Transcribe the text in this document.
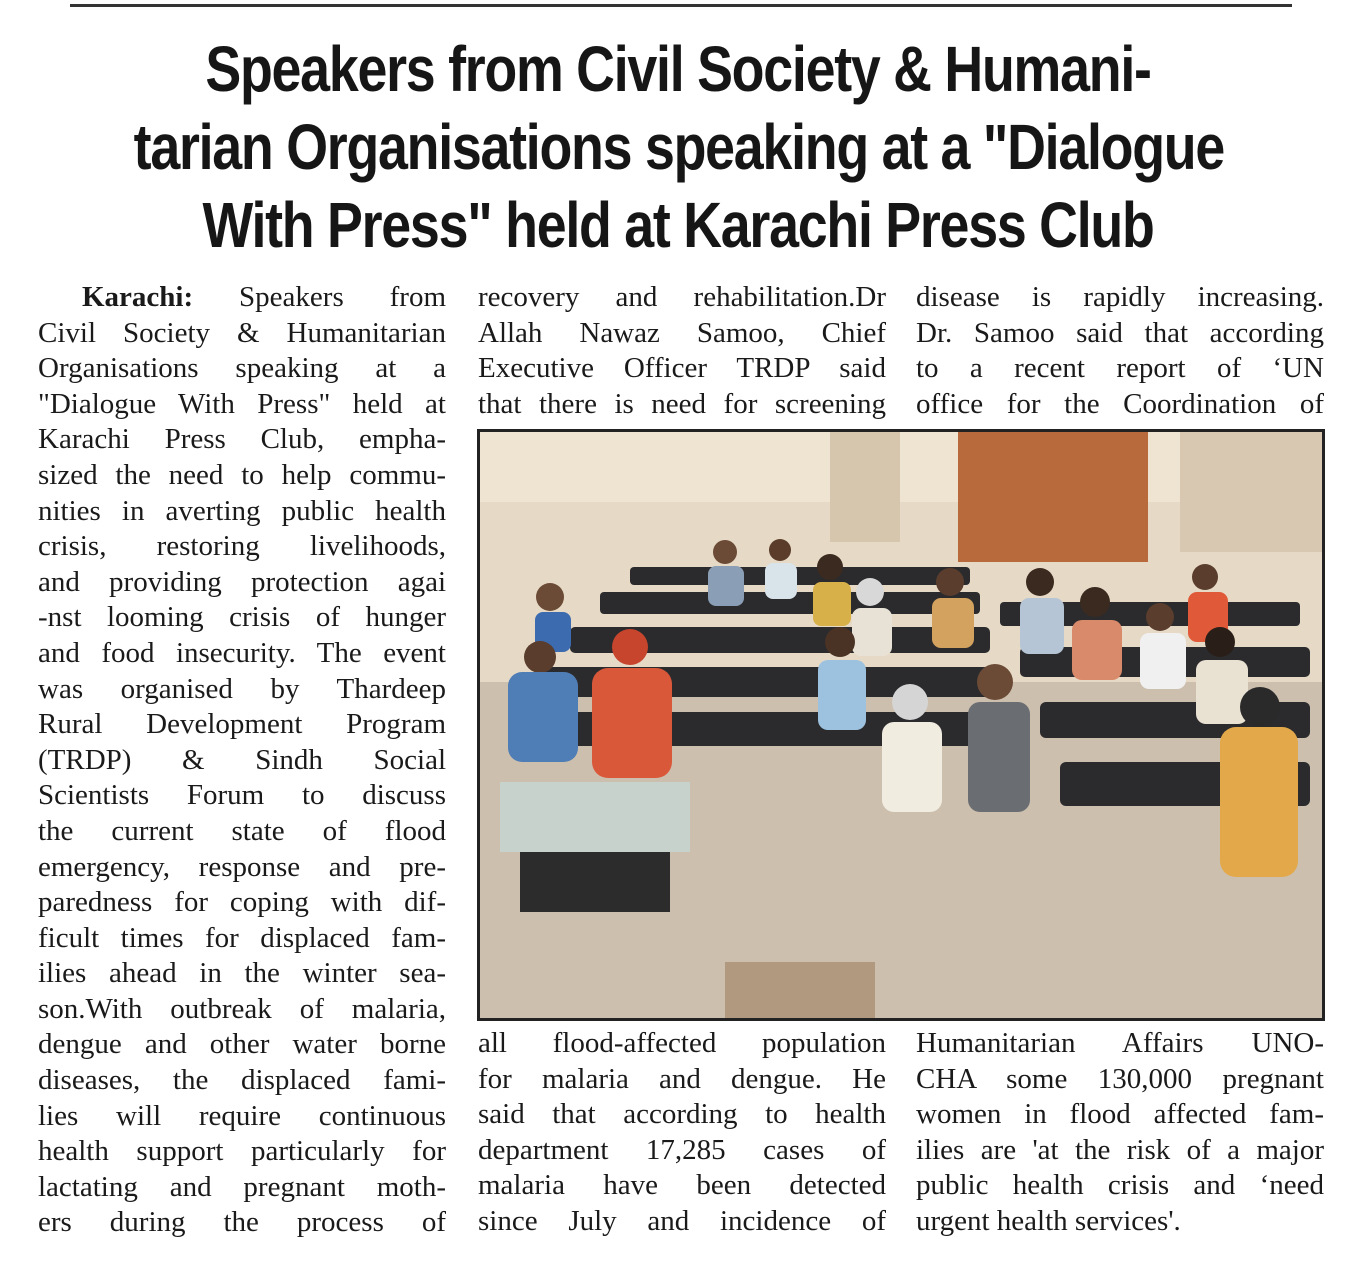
Speakers from Civil Society & Humani-
tarian Organisations speaking at a "Dialogue
With Press" held at Karachi Press Club
Karachi: Speakers from
Civil Society & Humanitarian
Organisations speaking at a
"Dialogue With Press" held at
Karachi Press Club, empha-
sized the need to help commu-
nities in averting public health
crisis, restoring livelihoods,
and providing protection agai
-nst looming crisis of hunger
and food insecurity. The event
was organised by Thardeep
Rural Development Program
(TRDP) & Sindh Social
Scientists Forum to discuss
the current state of flood
emergency, response and pre-
paredness for coping with dif-
ficult times for displaced fam-
ilies ahead in the winter sea-
son.With outbreak of malaria,
dengue and other water borne
diseases, the displaced fami-
lies will require continuous
health support particularly for
lactating and pregnant moth-
ers during the process of
recovery and rehabilitation.Dr
Allah Nawaz Samoo, Chief
Executive Officer TRDP said
that there is need for screening
disease is rapidly increasing.
Dr. Samoo said that according
to a recent report of ‘UN
office for the Coordination of
all flood-affected population
for malaria and dengue. He
said that according to health
department 17,285 cases of
malaria have been detected
since July and incidence of
Humanitarian Affairs UNO-
CHA some 130,000 pregnant
women in flood affected fam-
ilies are 'at the risk of a major
public health crisis and ‘need
urgent health services'.
